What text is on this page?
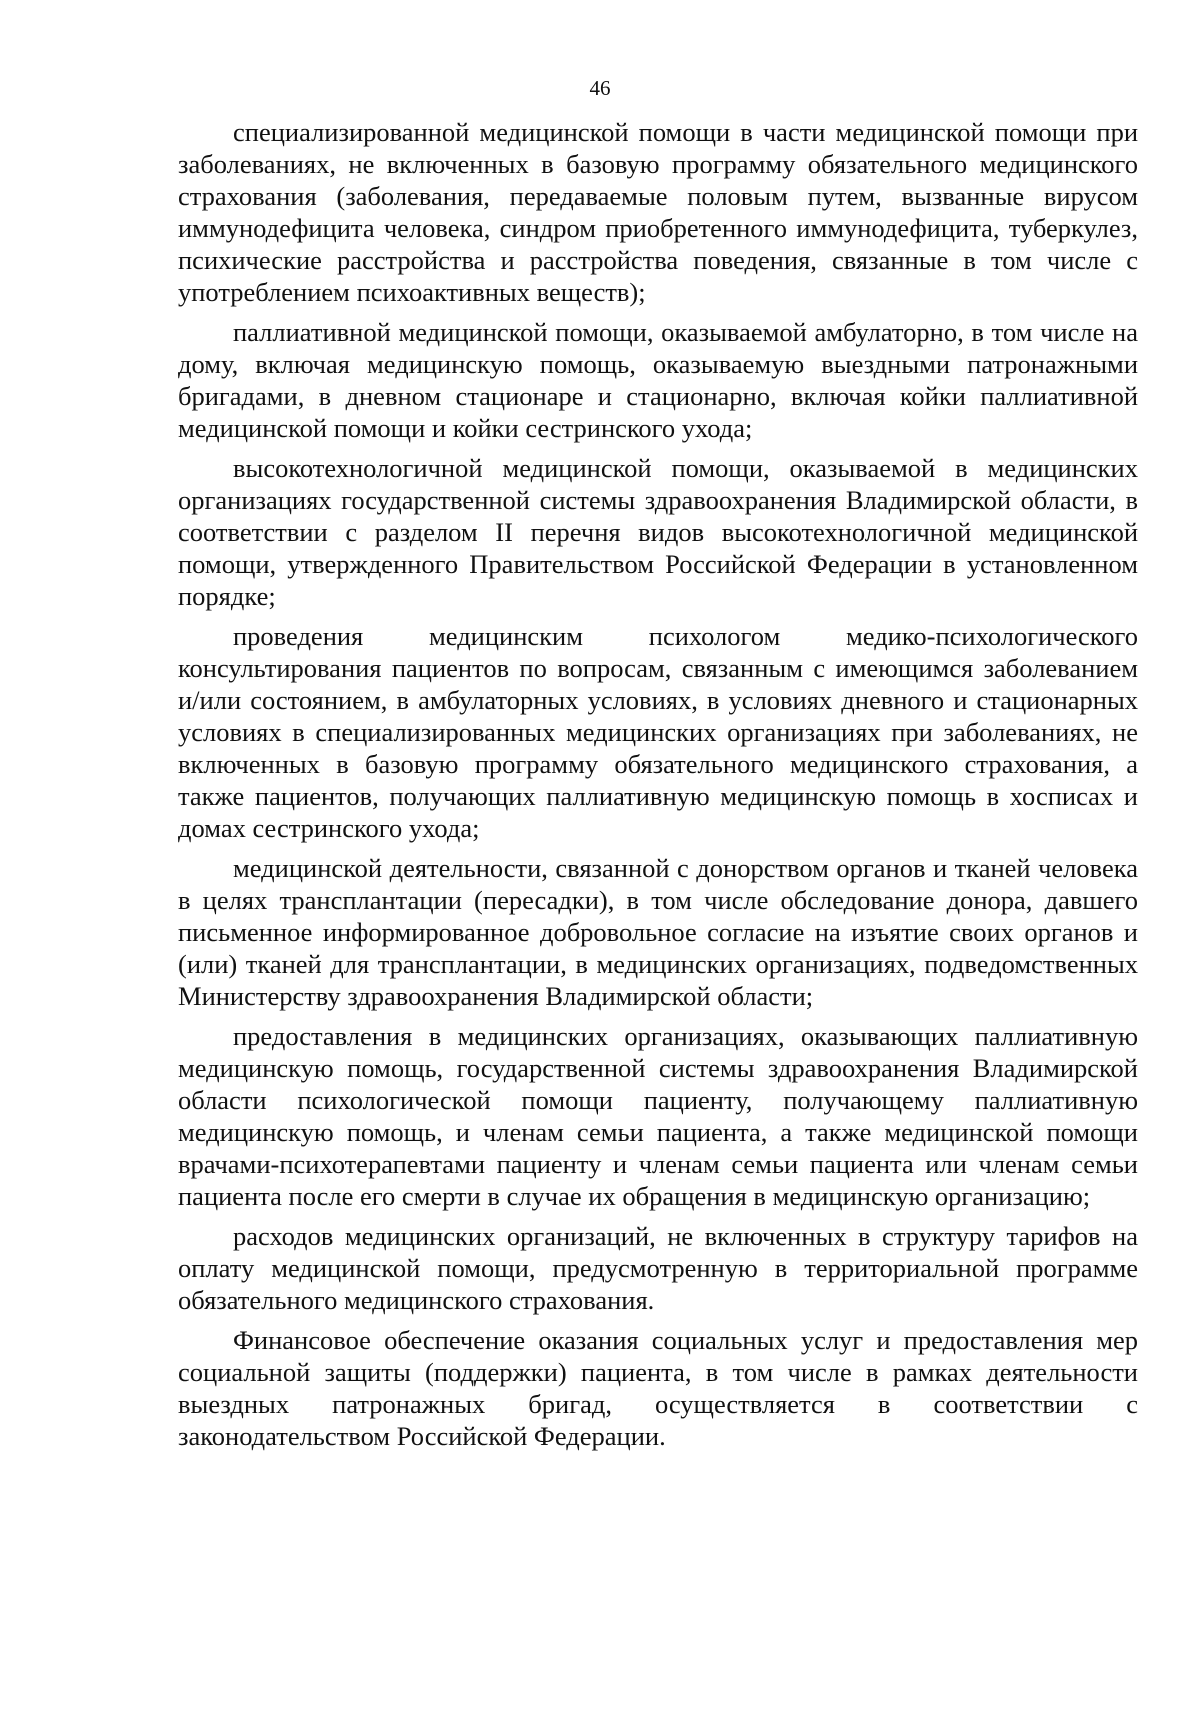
46

специализированной медицинской помощи в части медицинской помощи при заболеваниях, не включенных в базовую программу обязательного медицинского страхования (заболевания, передаваемые половым путем, вызванные вирусом иммунодефицита человека, синдром приобретенного иммунодефицита, туберкулез, психические расстройства и расстройства поведения, связанные в том числе с употреблением психоактивных веществ);

паллиативной медицинской помощи, оказываемой амбулаторно, в том числе на дому, включая медицинскую помощь, оказываемую выездными патронажными бригадами, в дневном стационаре и стационарно, включая койки паллиативной медицинской помощи и койки сестринского ухода;

высокотехнологичной медицинской помощи, оказываемой в медицинских организациях государственной системы здравоохранения Владимирской области, в соответствии с разделом II перечня видов высокотехнологичной медицинской помощи, утвержденного Правительством Российской Федерации в установленном порядке;

проведения медицинским психологом медико-психологического консультирования пациентов по вопросам, связанным с имеющимся заболеванием и/или состоянием, в амбулаторных условиях, в условиях дневного и стационарных условиях в специализированных медицинских организациях при заболеваниях, не включенных в базовую программу обязательного медицинского страхования, а также пациентов, получающих паллиативную медицинскую помощь в хосписах и домах сестринского ухода;

медицинской деятельности, связанной с донорством органов и тканей человека в целях трансплантации (пересадки), в том числе обследование донора, давшего письменное информированное добровольное согласие на изъятие своих органов и (или) тканей для трансплантации, в медицинских организациях, подведомственных Министерству здравоохранения Владимирской области;

предоставления в медицинских организациях, оказывающих паллиативную медицинскую помощь, государственной системы здравоохранения Владимирской области психологической помощи пациенту, получающему паллиативную медицинскую помощь, и членам семьи пациента, а также медицинской помощи врачами-психотерапевтами пациенту и членам семьи пациента или членам семьи пациента после его смерти в случае их обращения в медицинскую организацию;

расходов медицинских организаций, не включенных в структуру тарифов на оплату медицинской помощи, предусмотренную в территориальной программе обязательного медицинского страхования.

Финансовое обеспечение оказания социальных услуг и предоставления мер социальной защиты (поддержки) пациента, в том числе в рамках деятельности выездных патронажных бригад, осуществляется в соответствии с законодательством Российской Федерации.
